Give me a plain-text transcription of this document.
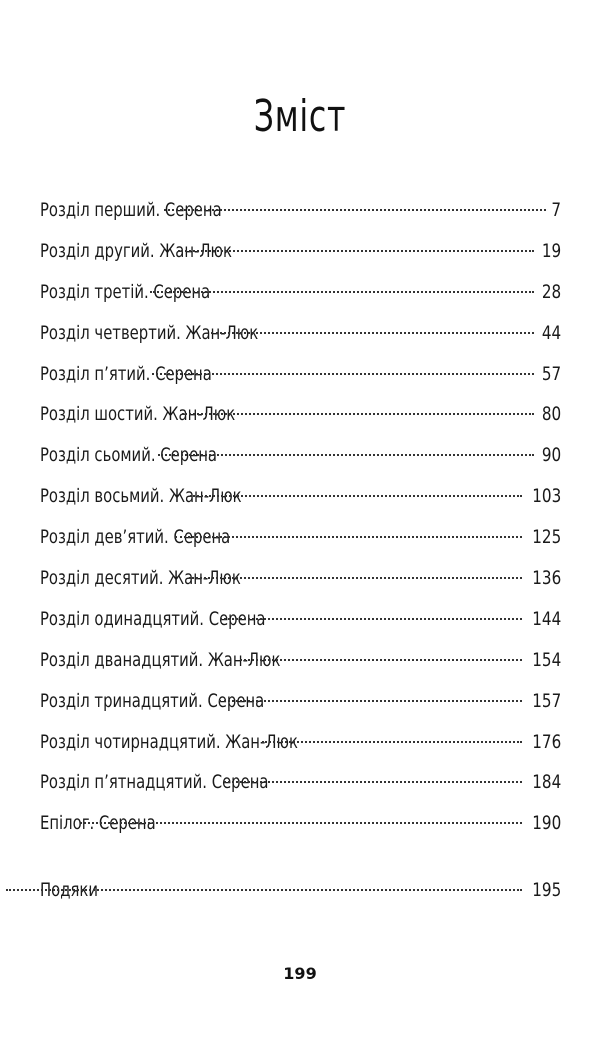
Зміст
Розділ перший. Серена	7
Розділ другий. Жан-Люк	19
Розділ третій. Серена	28
Розділ четвертий. Жан-Люк	44
Розділ п’ятий. Серена	57
Розділ шостий. Жан-Люк	80
Розділ сьомий. Серена	90
Розділ восьмий. Жан-Люк	103
Розділ дев’ятий. Серена	125
Розділ десятий. Жан-Люк	136
Розділ одинадцятий. Серена	144
Розділ дванадцятий. Жан-Люк	154
Розділ тринадцятий. Серена	157
Розділ чотирнадцятий. Жан-Люк	176
Розділ п’ятнадцятий. Серена	184
Епілог. Серена	190
Подяки	195
199
